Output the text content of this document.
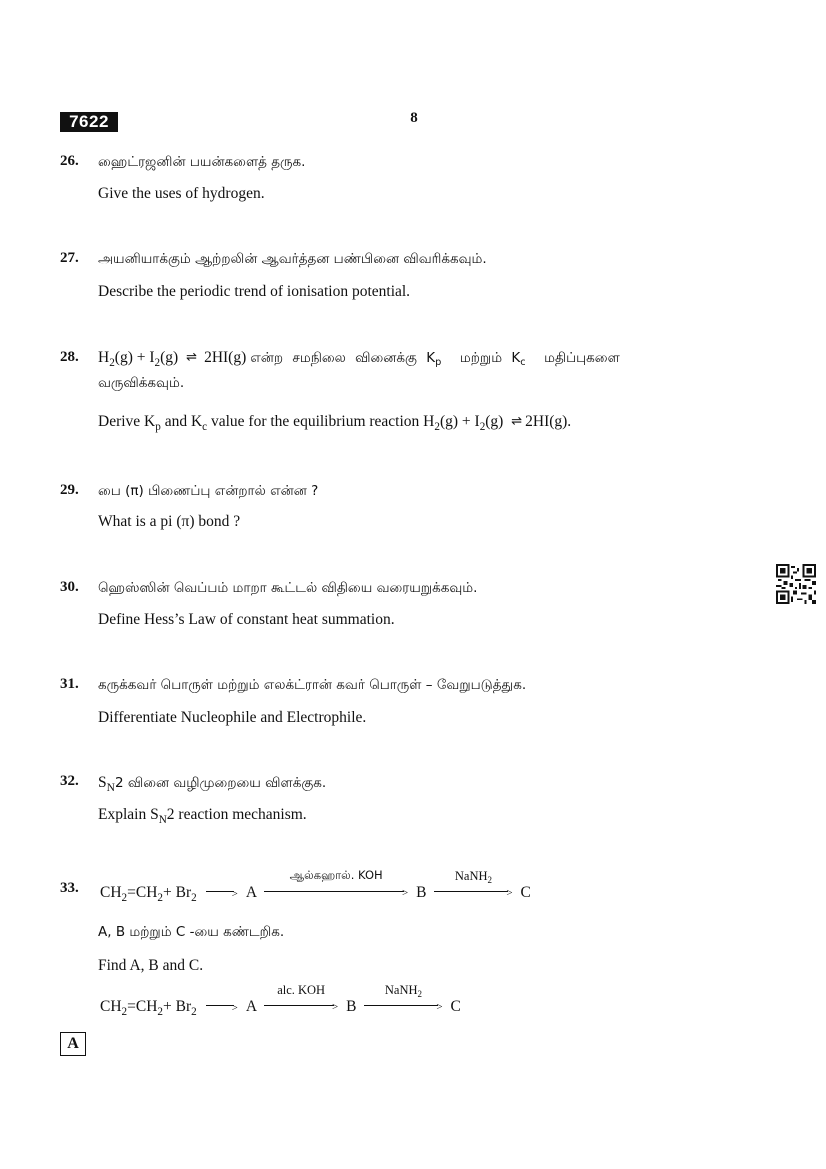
7622	8
26.	ஹைட்ரஜனின் பயன்களைத் தருக.
Give the uses of hydrogen.
27.	அயனியாக்கும் ஆற்றலின் ஆவர்த்தன பண்பினை விவரிக்கவும்.
Describe the periodic trend of ionisation potential.
28.	$H_2(g) + I_2(g)$ ⇌ 2HI(g) என்ற சமநிலை வினைக்கு $K_p$ மற்றும் $K_c$ மதிப்புகளை
வருவிக்கவும்.
Derive $K_p$ and $K_c$ value for the equilibrium reaction $H_2(g) + I_2(g)$ ⇌ 2HI(g).
29.	பை (π) பிணைப்பு என்றால் என்ன ?
What is a pi (π) bond ?
30.	ஹெஸ்ஸின் வெப்பம் மாறா கூட்டல் விதியை வரையறுக்கவும்.
Define Hess’s Law of constant heat summation.
31.	கருக்கவர் பொருள் மற்றும் எலக்ட்ரான் கவர் பொருள் – வேறுபடுத்துக.
Differentiate Nucleophile and Electrophile.
32.	$S_N2$ வினை வழிமுறையை விளக்குக.
Explain $S_N2$ reaction mechanism.
33.	$CH_2=CH_2+ Br_2$	> A
ஆல்கஹால். KOH
> B
NaNH$_2$
> C
A, B மற்றும் C -யை கண்டறிக.
Find A, B and C.
$CH_2=CH_2+ Br_2$	> A
alc. KOH
> B
NaNH$_2$
> C
A
